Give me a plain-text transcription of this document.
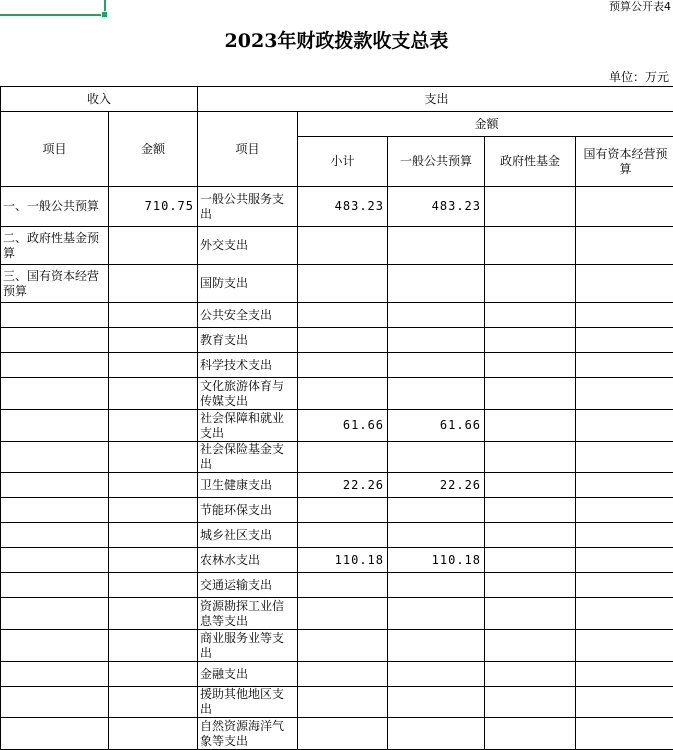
预算公开表4
2023年财政拨款收支总表
单位：万元
收入		支出				
项目	金额	项目	金额			
			小计	一般公共预算	政府性基金	国有资本经营预算

一、一般公共预算	710.75	一般公共服务支出	483.23	483.23		

二、政府性基金预算		外交支出				

三、国有资本经营预算		国防支出				

		公共安全支出				

		教育支出				

		科学技术支出				

		文化旅游体育与传媒支出				

		社会保障和就业支出	61.66	61.66		

		社会保险基金支出				

		卫生健康支出	22.26	22.26		

		节能环保支出				

		城乡社区支出				

		农林水支出	110.18	110.18		

		交通运输支出				

		资源勘探工业信息等支出				

		商业服务业等支出				

		金融支出				

		援助其他地区支出				

		自然资源海洋气象等支出				
